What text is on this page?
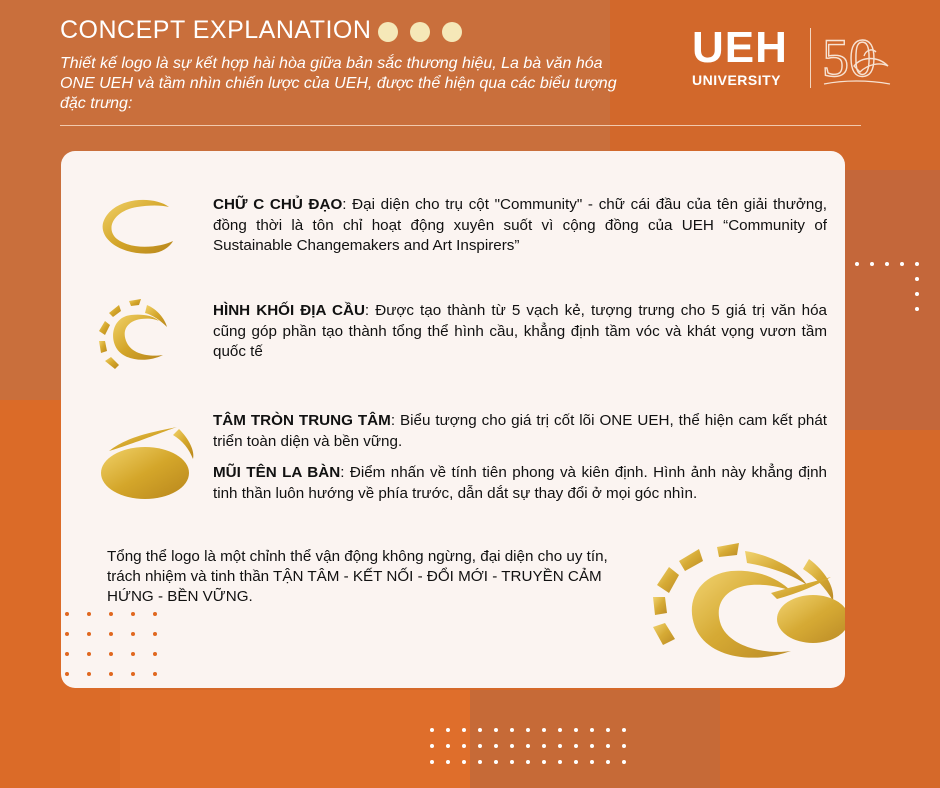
CONCEPT EXPLANATION
Thiết kế logo là sự kết hợp hài hòa giữa bản sắc thương hiệu, La bà văn hóa ONE UEH và tầm nhìn chiến lược của UEH, được thể hiện qua các biểu tượng đặc trưng:
UEH
UNIVERSITY 50
CHỮ C CHỦ ĐẠO: Đại diện cho trụ cột "Community" - chữ cái đầu của tên giải thưởng, đồng thời là tôn chỉ hoạt động xuyên suốt vì cộng đồng của UEH “Community of Sustainable Changemakers and Art Inspirers”
HÌNH KHỐI ĐỊA CẦU: Được tạo thành từ 5 vạch kẻ, tượng trưng cho 5 giá trị văn hóa cũng góp phần tạo thành tổng thể hình cầu, khẳng định tầm vóc và khát vọng vươn tầm quốc tế
TÂM TRÒN TRUNG TÂM: Biểu tượng cho giá trị cốt lõi ONE UEH, thể hiện cam kết phát triển toàn diện và bền vững.
MŨI TÊN LA BÀN: Điểm nhấn về tính tiên phong và kiên định. Hình ảnh này khẳng định tinh thần luôn hướng về phía trước, dẫn dắt sự thay đổi ở mọi góc nhìn.
Tổng thể logo là một chỉnh thể vận động không ngừng, đại diện cho uy tín, trách nhiệm và tinh thần TẬN TÂM - KẾT NỐI - ĐỔI MỚI - TRUYỀN CẢM HỨNG - BỀN VỮNG.
